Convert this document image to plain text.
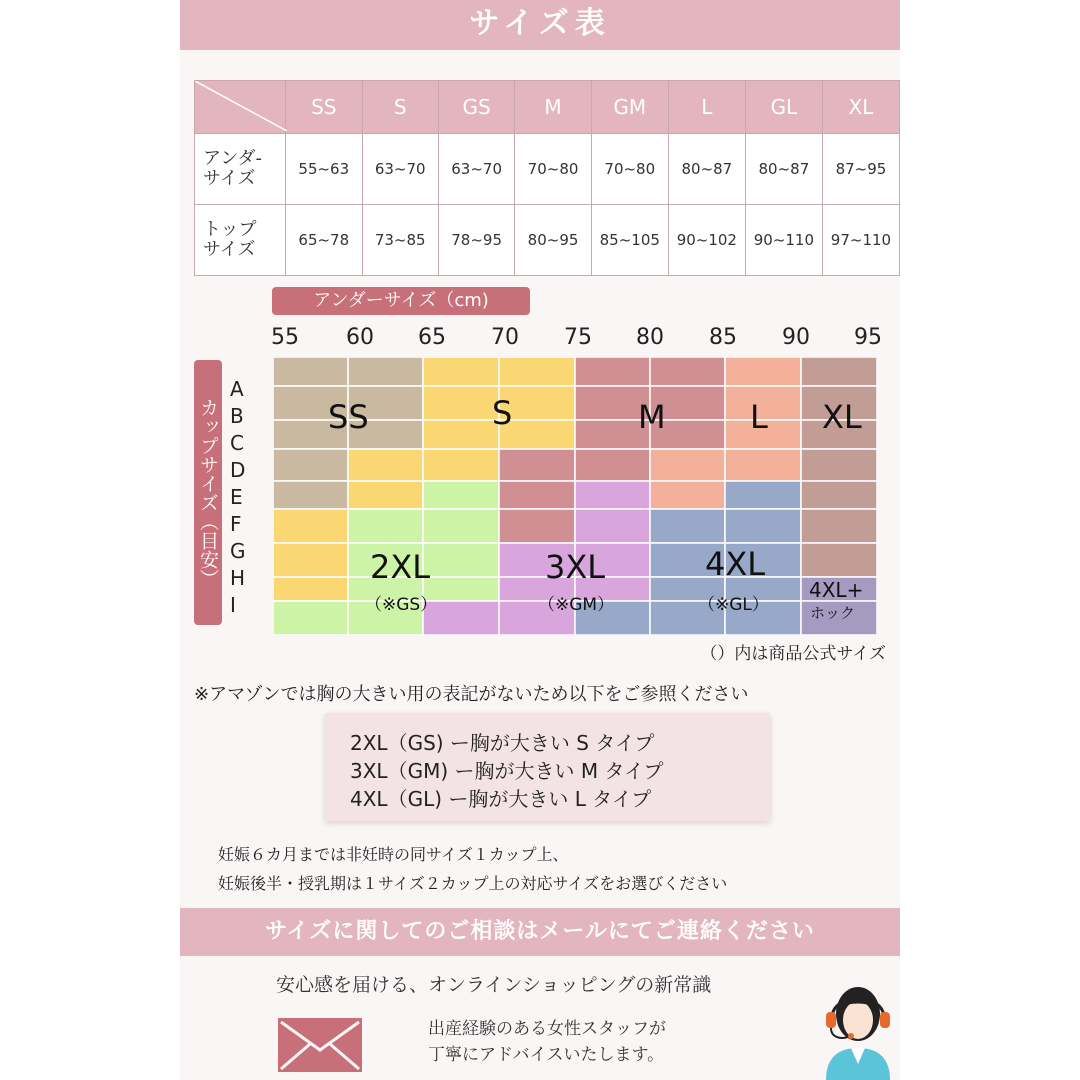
サイズ表
	SS	S	GS	M	GM	L	GL	XL
アンダ-
サイズ	55~63	63~70	63~70	70~80	70~80	80~87	80~87	87~95
トップ
サイズ	65~78	73~85	78~95	80~95	85~105	90~102	90~110	97~110
アンダーサイズ（cm)
55 60 65 70 75 80 85 90 95
カップサイズ（目安）
A
B
C
D
E
F
G
H
I
SS	S	M	L XL
2XL
（※GS）
3XL
（※GM）
4XL
（※GL）
4XL+
ホック
（）内は商品公式サイズ
※アマゾンでは胸の大きい用の表記がないため以下をご参照ください
2XL（GS) ー胸が大きい S タイプ
3XL（GM) ー胸が大きい M タイプ
4XL（GL) ー胸が大きい L タイプ
妊娠６カ月までは非妊時の同サイズ１カップ上、
妊娠後半・授乳期は１サイズ２カップ上の対応サイズをお選びください
サイズに関してのご相談はメールにてご連絡ください
安心感を届ける、オンラインショッピングの新常識
出産経験のある女性スタッフが
丁寧にアドバイスいたします。
